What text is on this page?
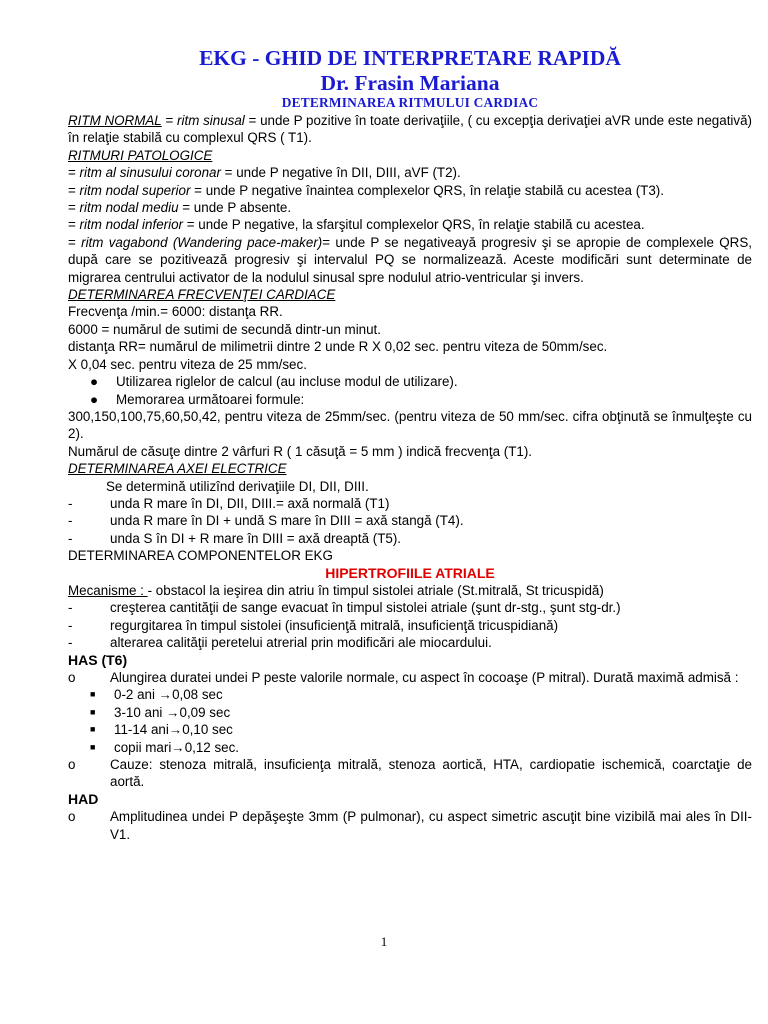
EKG - GHID DE INTERPRETARE RAPIDĂ

Dr. Frasin Mariana

DETERMINAREA RITMULUI CARDIAC

RITM NORMAL = ritm sinusal = unde P pozitive în toate derivaţiile, ( cu excepţia derivaţiei aVR unde este negativă) în relaţie stabilă cu complexul QRS ( T1).

RITMURI PATOLOGICE

= ritm al sinusului coronar = unde P negative în DII, DIII, aVF (T2).

= ritm nodal superior = unde P negative înaintea complexelor QRS, în relaţie stabilă cu acestea (T3).

= ritm nodal mediu = unde P absente.

= ritm nodal inferior = unde P negative, la sfarşitul complexelor QRS, în relaţie stabilă cu acestea.

= ritm vagabond (Wandering pace-maker)= unde P se negativeayă progresiv şi se apropie de complexele QRS, după care se pozitivează progresiv şi intervalul PQ se normalizează. Aceste modificări sunt determinate de migrarea centrului activator de la nodulul sinusal spre nodulul atrio-ventricular şi invers.

DETERMINAREA FRECVENŢEI CARDIACE

Frecvenţa /min.= 6000: distanţa RR.

6000 = numărul de sutimi de secundă dintr-un minut.

distanţa RR= numărul de milimetrii dintre 2 unde R X 0,02 sec. pentru viteza de 50mm/sec.

X 0,04 sec. pentru viteza de 25 mm/sec.

●	Utilizarea riglelor de calcul (au incluse modul de utilizare).
●	Memorarea următoarei formule:

300,150,100,75,60,50,42, pentru viteza de 25mm/sec. (pentru viteza de 50 mm/sec. cifra obţinută se înmulţeşte cu 2).

Numărul de căsuţe dintre 2 vârfuri R ( 1 căsuţă = 5 mm ) indică frecvenţa (T1).

DETERMINAREA AXEI ELECTRICE

Se determină utilizînd derivaţiile DI, DII, DIII.

-	unda R mare în DI, DII, DIII.= axă normală (T1)
-	unda R mare în DI + undă S mare în DIII = axă stangă (T4).
-	unda S în DI + R mare în DIII = axă dreaptă (T5).

DETERMINAREA COMPONENTELOR EKG

HIPERTROFIILE ATRIALE

Mecanisme : - obstacol la ieşirea din atriu în timpul sistolei atriale (St.mitrală, St tricuspidă)

-	creşterea cantităţii de sange evacuat în timpul sistolei atriale (şunt dr-stg., şunt stg-dr.)
-	regurgitarea în timpul sistolei (insuficienţă mitrală, insuficienţă tricuspidiană)
-	alterarea calităţii peretelui atrerial prin modificări ale miocardului.

HAS (T6)

o	Alungirea duratei undei P peste valorile normale, cu aspect în cocoaşe (P mitral). Durată maximă admisă :
■	0-2 ani →0,08 sec
■	3-10 ani →0,09 sec
■	11-14 ani→0,10 sec
■	copii mari→0,12 sec.
o	Cauze: stenoza mitrală, insuficienţa mitrală, stenoza aortică, HTA, cardiopatie ischemică, coarctaţie de aortă.

HAD

o	Amplitudinea undei P depăşeşte 3mm (P pulmonar), cu aspect simetric ascuţit bine vizibilă mai ales în DII-V1.
1
